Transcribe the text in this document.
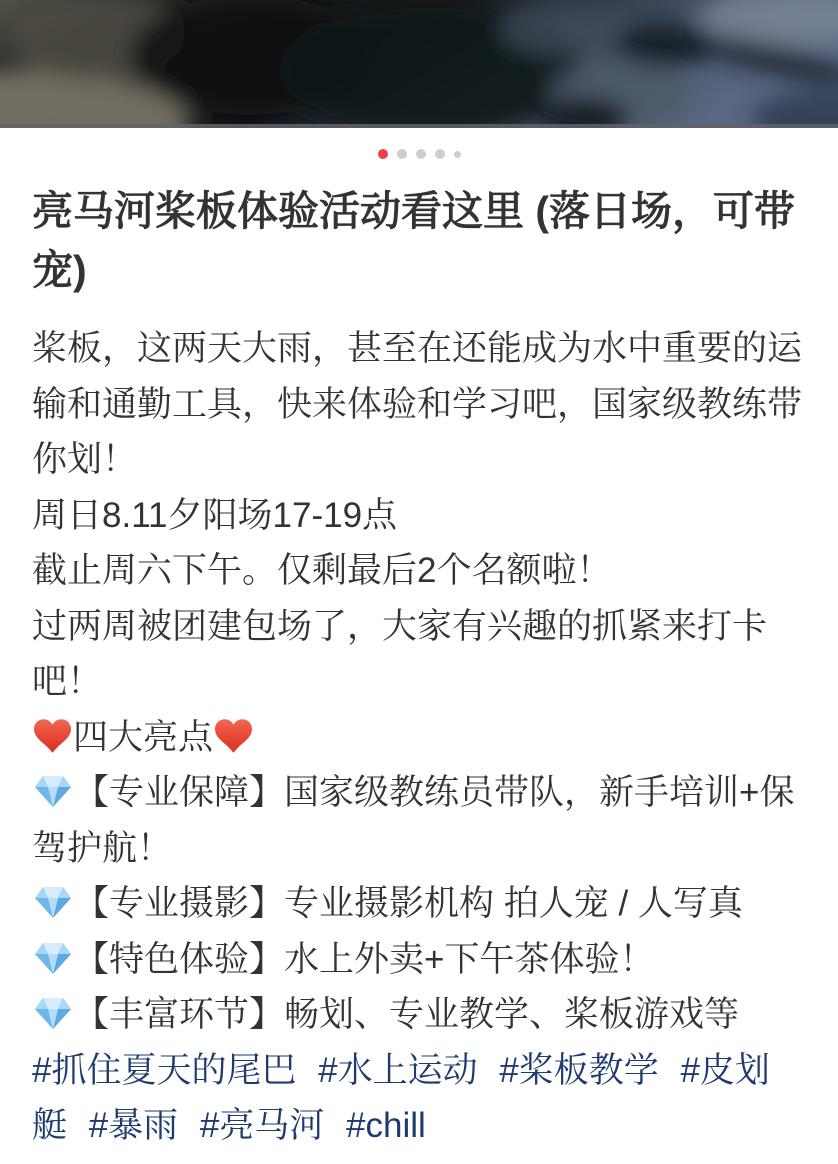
亮马河桨板体验活动看这里 (落日场，可带宠)

桨板，这两天大雨，甚至在还能成为水中重要的运输和通勤工具，快来体验和学习吧，国家级教练带你划！

周日8.11夕阳场17-19点

截止周六下午。仅剩最后2个名额啦！

过两周被团建包场了，大家有兴趣的抓紧来打卡吧！

四大亮点

【专业保障】国家级教练员带队，新手培训+保驾护航！

【专业摄影】专业摄影机构 拍人宠 / 人写真

【特色体验】水上外卖+下午茶体验！

【丰富环节】畅划、专业教学、桨板游戏等

#抓住夏天的尾巴 #水上运动 #桨板教学 #皮划艇 #暴雨 #亮马河 #chill
